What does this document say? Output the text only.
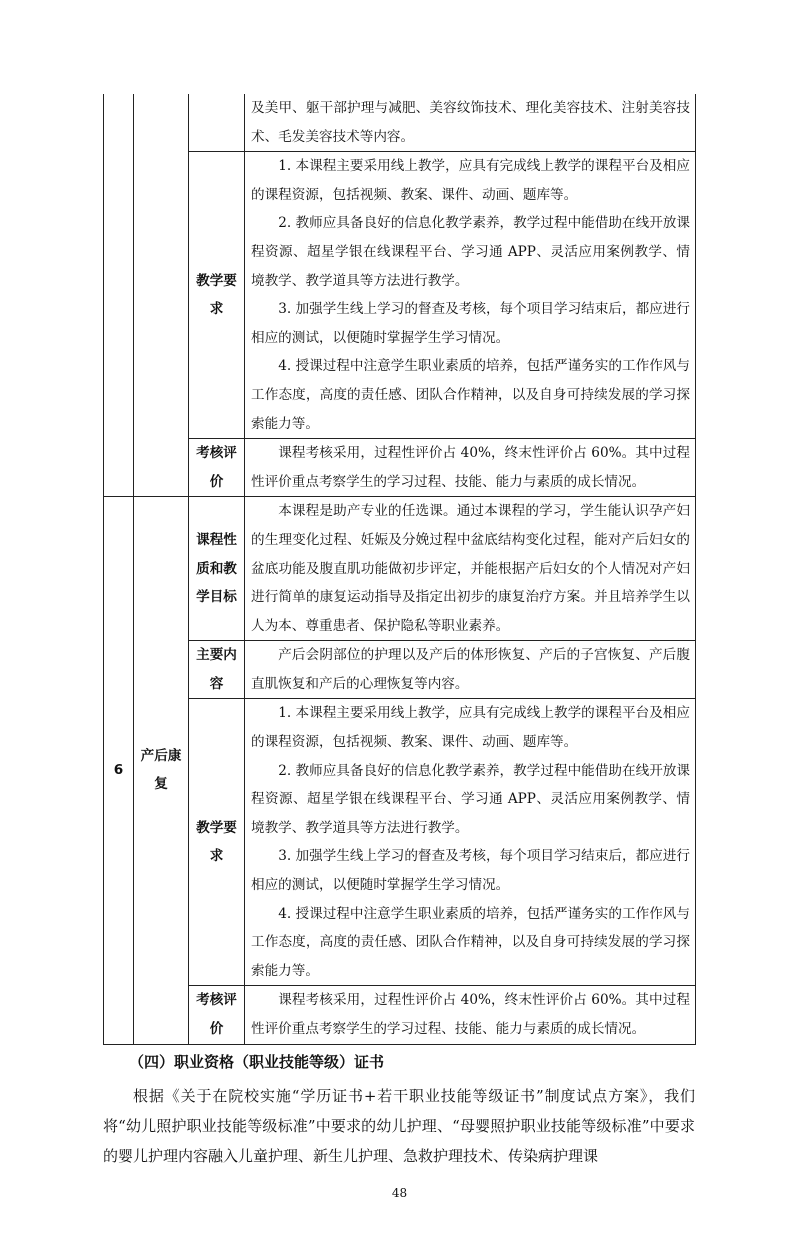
			及美甲、躯干部护理与减肥、美容纹饰技术、理化美容技术、注射美容技术、毛发美容技术等内容。

		教学要求	1. 本课程主要采用线上教学，应具有完成线上教学的课程平台及相应的课程资源，包括视频、教案、课件、动画、题库等。

2. 教师应具备良好的信息化教学素养，教学过程中能借助在线开放课程资源、超星学银在线课程平台、学习通 APP、灵活应用案例教学、情境教学、教学道具等方法进行教学。

3. 加强学生线上学习的督查及考核，每个项目学习结束后，都应进行相应的测试，以便随时掌握学生学习情况。

4. 授课过程中注意学生职业素质的培养，包括严谨务实的工作作风与工作态度，高度的责任感、团队合作精神，以及自身可持续发展的学习探索能力等。

		考核评价	课程考核采用，过程性评价占 40%，终末性评价占 60%。其中过程性评价重点考察学生的学习过程、技能、能力与素质的成长情况。

6	产后康复	课程性质和教学目标	本课程是助产专业的任选课。通过本课程的学习，学生能认识孕产妇的生理变化过程、妊娠及分娩过程中盆底结构变化过程，能对产后妇女的盆底功能及腹直肌功能做初步评定，并能根据产后妇女的个人情况对产妇进行简单的康复运动指导及指定出初步的康复治疗方案。并且培养学生以人为本、尊重患者、保护隐私等职业素养。

		主要内容	产后会阴部位的护理以及产后的体形恢复、产后的子宫恢复、产后腹直肌恢复和产后的心理恢复等内容。

		教学要求	1. 本课程主要采用线上教学，应具有完成线上教学的课程平台及相应的课程资源，包括视频、教案、课件、动画、题库等。

2. 教师应具备良好的信息化教学素养，教学过程中能借助在线开放课程资源、超星学银在线课程平台、学习通 APP、灵活应用案例教学、情境教学、教学道具等方法进行教学。

3. 加强学生线上学习的督查及考核，每个项目学习结束后，都应进行相应的测试，以便随时掌握学生学习情况。

4. 授课过程中注意学生职业素质的培养，包括严谨务实的工作作风与工作态度，高度的责任感、团队合作精神，以及自身可持续发展的学习探索能力等。

		考核评价	课程考核采用，过程性评价占 40%，终末性评价占 60%。其中过程性评价重点考察学生的学习过程、技能、能力与素质的成长情况。

（四）职业资格（职业技能等级）证书

根据《关于在院校实施“学历证书+若干职业技能等级证书”制度试点方案》，我们将“幼儿照护职业技能等级标准”中要求的幼儿护理、“母婴照护职业技能等级标准”中要求的婴儿护理内容融入儿童护理、新生儿护理、急救护理技术、传染病护理课

48
